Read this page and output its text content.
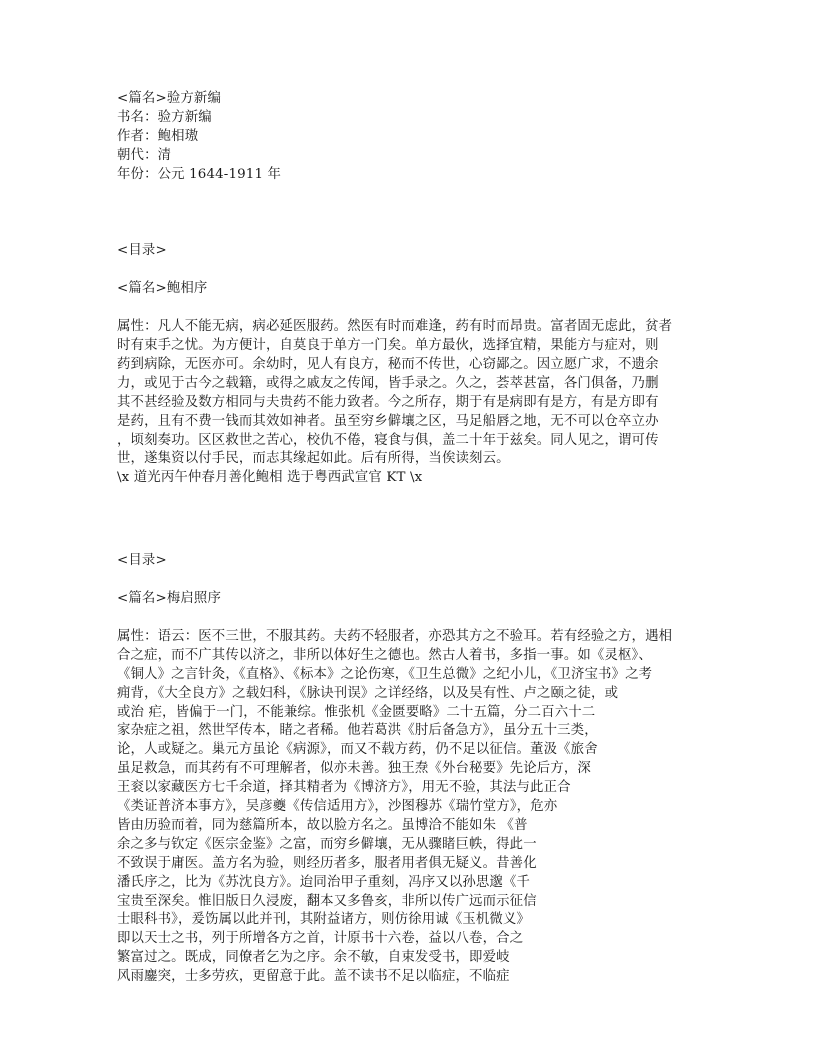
<篇名>验方新编
书名：验方新编
作者：鲍相璈
朝代：清
年份：公元 1644-1911 年
<目录>
<篇名>鲍相序
属性：凡人不能无病，病必延医服药。然医有时而难逢，药有时而昂贵。富者固无虑此，贫者
时有束手之忧。为方便计，自莫良于单方一门矣。单方最伙，选择宜精，果能方与症对，则
药到病除，无医亦可。余幼时，见人有良方，秘而不传世，心窃鄙之。因立愿广求，不遗余
力，或见于古今之载籍，或得之戚友之传闻，皆手录之。久之，荟萃甚富，各门俱备，乃删
其不甚经验及数方相同与夫贵药不能力致者。今之所存，期于有是病即有是方，有是方即有
是药，且有不费一钱而其效如神者。虽至穷乡僻壤之区，马足船唇之地，无不可以仓卒立办
，顷刻奏功。区区救世之苦心，校仇不倦，寝食与俱，盖二十年于兹矣。同人见之，谓可传
世，遂集资以付手民，而志其缘起如此。后有所得，当俟读刻云。
\x 道光丙午仲春月善化鲍相 选于粤西武宣官 KT \x
<目录>
<篇名>梅启照序
属性：语云：医不三世，不服其药。夫药不轻服者，亦恐其方之不验耳。若有经验之方，遇相
合之症，而不广其传以济之，非所以体好生之德也。然古人着书，多指一事。如《灵枢》、
《铜人》之言针灸，《直格》、《标本》之论伤寒，《卫生总微》之纪小儿，《卫济宝书》之考
痈背，《大全良方》之载妇科，《脉诀刊误》之详经络，以及吴有性、卢之颐之徒，或
或治 疟，皆偏于一门，不能兼综。惟张机《金匮要略》二十五篇，分二百六十二
家杂症之祖，然世罕传本，睹之者稀。他若葛洪《肘后备急方》，虽分五十三类，
论，人或疑之。巢元方虽论《病源》，而又不载方药，仍不足以征信。董汲《旅舍
虽足救急，而其药有不可理解者，似亦未善。独王焘《外台秘要》先论后方，深
王衮以家藏医方七千余道，择其精者为《博济方》，用无不验，其法与此正合
《类证普济本事方》，吴彦夔《传信适用方》，沙图穆苏《瑞竹堂方》，危亦
皆由历验而着，同为慈篇所本，故以脸方名之。虽博洽不能如朱 《普
余之多与钦定《医宗金鉴》之富，而穷乡僻壤，无从骤睹巨帙，得此一
不致误于庸医。盖方名为验，则经历者多，服者用者俱无疑义。昔善化
潘氏序之，比为《苏沈良方》。迨同治甲子重刻，冯序又以孙思邈《千
宝贵至深矣。惟旧版日久浸废，翻本又多鲁亥，非所以传广远而示征信
士眼科书》，爰饬属以此并刊，其附益诸方，则仿徐用诚《玉机微义》
即以天士之书，列于所增各方之首，计原书十六卷，益以八卷，合之
繁富过之。既成，同僚者乞为之序。余不敏，自束发受书，即爱岐
风雨鏖突，士多劳疚，更留意于此。盖不读书不足以临症，不临症
